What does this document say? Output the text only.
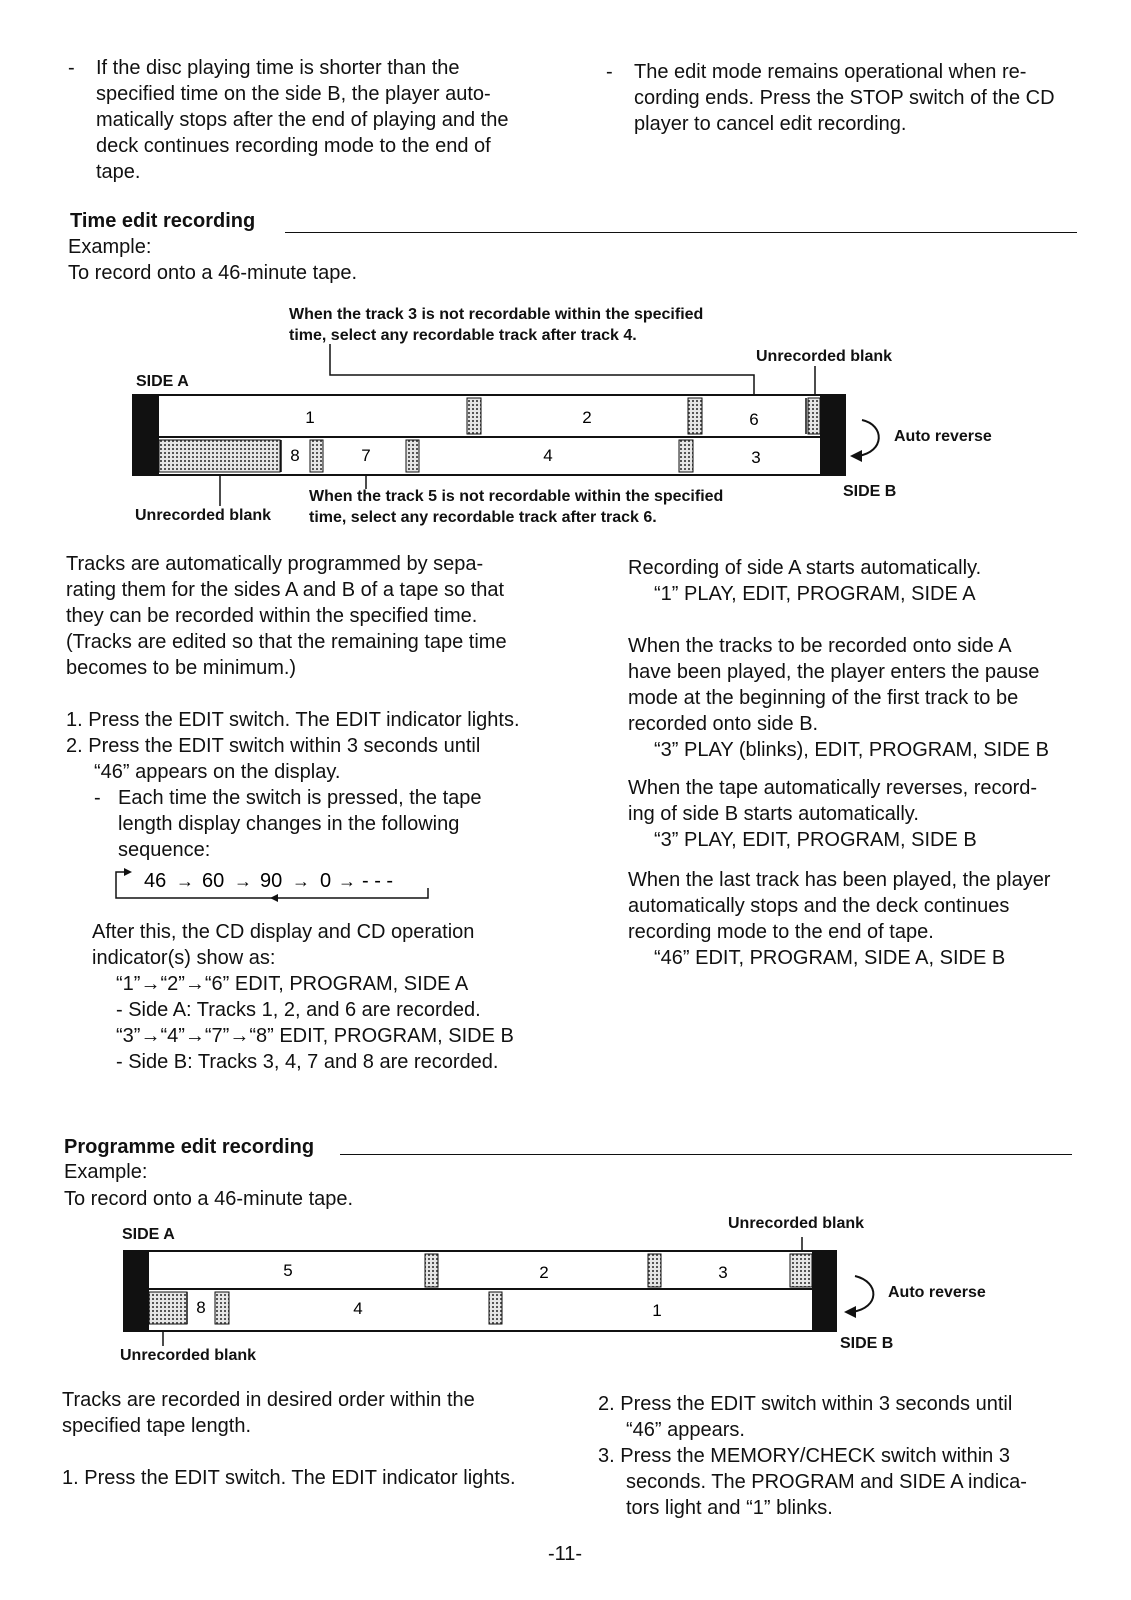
- If the disc playing time is shorter than the
specified time on the side B, the player auto-
matically stops after the end of playing and the
deck continues recording mode to the end of
tape.
- The edit mode remains operational when re-
cording ends. Press the STOP switch of the CD
player to cancel edit recording.
Time edit recording
Example:
To record onto a 46-minute tape.
When the track 3 is not recordable within the specified
time, select any recordable track after track 4.
Unrecorded blank
SIDE A
SIDE B
Auto reverse
Unrecorded blank
When the track 5 is not recordable within the specified
time, select any recordable track after track 6.
1	2	6
8	7	4	3
Tracks are automatically programmed by sepa-
rating them for the sides A and B of a tape so that
they can be recorded within the specified time.
(Tracks are edited so that the remaining tape time
becomes to be minimum.)
1. Press the EDIT switch. The EDIT indicator lights.
2. Press the EDIT switch within 3 seconds until
“46” appears on the display.
- Each time the switch is pressed, the tape
length display changes in the following
sequence:
46 → 60 → 90 → 0 → - - -
After this, the CD display and CD operation
indicator(s) show as:
“1”→“2”→“6” EDIT, PROGRAM, SIDE A
- Side A: Tracks 1, 2, and 6 are recorded.
“3”→“4”→“7”→“8” EDIT, PROGRAM, SIDE B
- Side B: Tracks 3, 4, 7 and 8 are recorded.
Recording of side A starts automatically.
“1” PLAY, EDIT, PROGRAM, SIDE A
When the tracks to be recorded onto side A
have been played, the player enters the pause
mode at the beginning of the first track to be
recorded onto side B.
“3” PLAY (blinks), EDIT, PROGRAM, SIDE B
When the tape automatically reverses, record-
ing of side B starts automatically.
“3” PLAY, EDIT, PROGRAM, SIDE B
When the last track has been played, the player
automatically stops and the deck continues
recording mode to the end of tape.
“46” EDIT, PROGRAM, SIDE A, SIDE B
Programme edit recording
Example:
To record onto a 46-minute tape.
SIDE A
Unrecorded blank
Auto reverse
SIDE B
Unrecorded blank
5	2	3
8	4	1
Tracks are recorded in desired order within the
specified tape length.
1. Press the EDIT switch. The EDIT indicator lights.
2. Press the EDIT switch within 3 seconds until
“46” appears.
3. Press the MEMORY/CHECK switch within 3
seconds. The PROGRAM and SIDE A indica-
tors light and “1” blinks.
-11-
